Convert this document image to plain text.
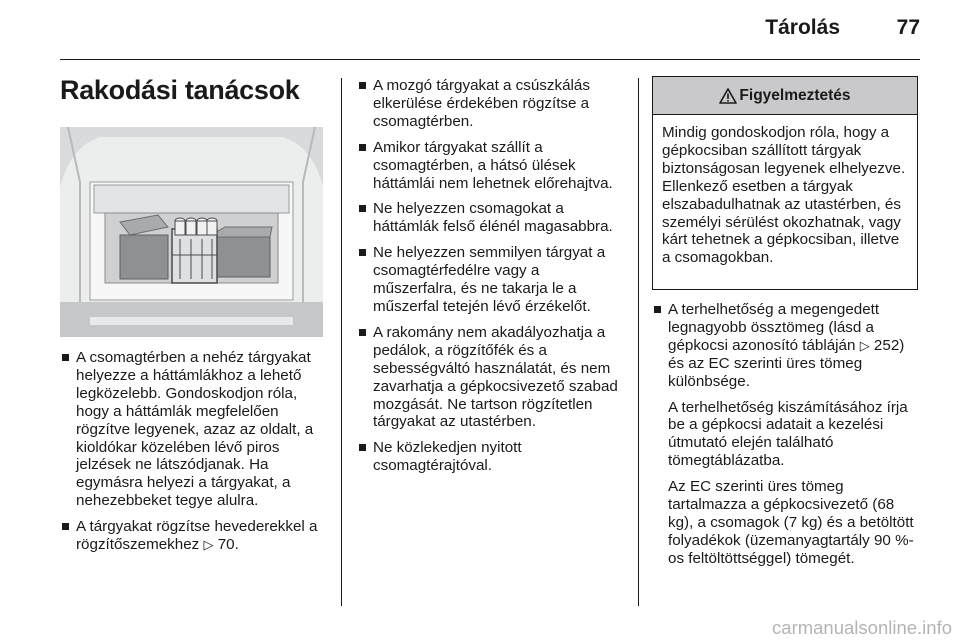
Tárolás	77
Rakodási tanácsok
A csomagtérben a nehéz tárgyakat helyezze a háttámlákhoz a lehető legközelebb. Gondoskodjon róla, hogy a háttámlák megfelelően rögzítve legyenek, azaz az oldalt, a kioldókar közelében lévő piros jelzések ne látszódjanak. Ha egymásra helyezi a tárgyakat, a nehezebbeket tegye alulra.
A tárgyakat rögzítse hevederekkel a rögzítőszemekhez ▷ 70.
A mozgó tárgyakat a csúszkálás elkerülése érdekében rögzítse a csomagtérben.
Amikor tárgyakat szállít a csomagtérben, a hátsó ülések háttámlái nem lehetnek előrehajtva.
Ne helyezzen csomagokat a háttámlák felső élénél magasabbra.
Ne helyezzen semmilyen tárgyat a csomagtérfedélre vagy a műszerfalra, és ne takarja le a műszerfal tetején lévő érzékelőt.
A rakomány nem akadályozhatja a pedálok, a rögzítőfék és a sebességváltó használatát, és nem zavarhatja a gépkocsivezető szabad mozgását. Ne tartson rögzítetlen tárgyakat az utastérben.
Ne közlekedjen nyitott csomagtérajtóval.
Figyelmeztetés
Mindig gondoskodjon róla, hogy a gépkocsiban szállított tárgyak biztonságosan legyenek elhelyezve. Ellenkező esetben a tárgyak elszabadulhatnak az utastérben, és személyi sérülést okozhatnak, vagy kárt tehetnek a gépkocsiban, illetve a csomagokban.
A terhelhetőség a megengedett legnagyobb össztömeg (lásd a gépkocsi azonosító tábláján ▷ 252) és az EC szerinti üres tömeg különbsége.
A terhelhetőség kiszámításához írja be a gépkocsi adatait a kezelési útmutató elején található tömegtáblázatba.
Az EC szerinti üres tömeg tartalmazza a gépkocsivezető (68 kg), a csomagok (7 kg) és a betöltött folyadékok (üzemanyagtartály 90 %-os feltöltöttséggel) tömegét.
carmanualsonline.info
